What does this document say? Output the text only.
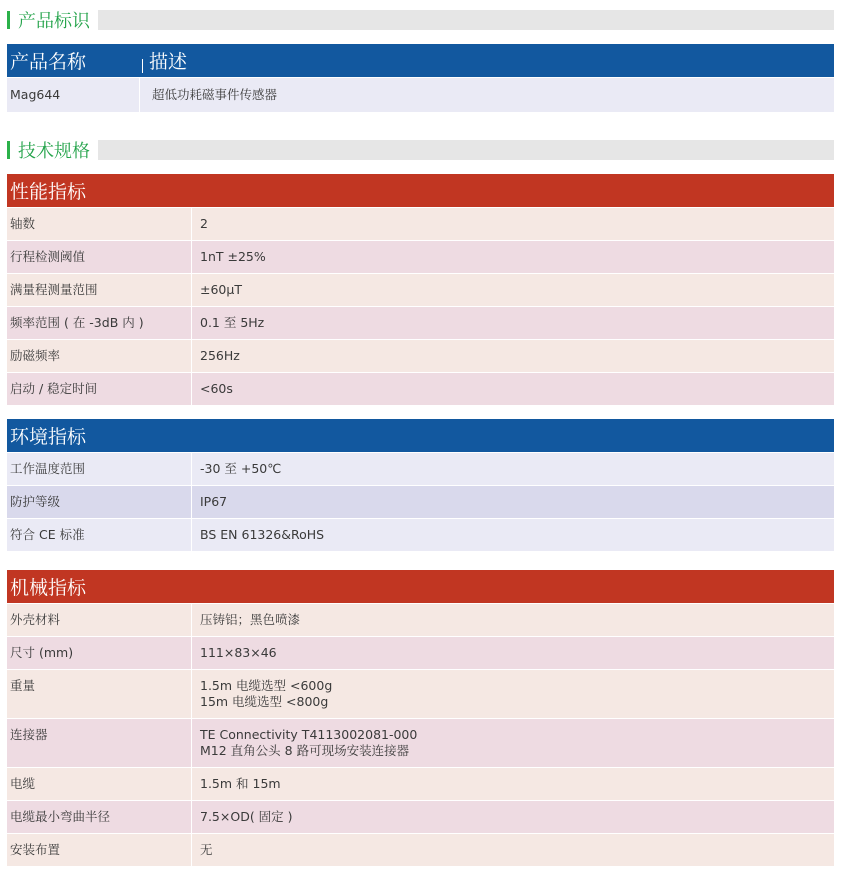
产品标识
产品名称	描述
Mag644	超低功耗磁事件传感器
技术规格
性能指标
轴数	2
行程检测阈值	1nT ±25%
满量程测量范围	±60µT
频率范围 ( 在 -3dB 内 )	0.1 至 5Hz
励磁频率	256Hz
启动 / 稳定时间	<60s
环境指标
工作温度范围	-30 至 +50℃
防护等级	IP67
符合 CE 标准	BS EN 61326&RoHS
机械指标
外壳材料	压铸铝；黑色喷漆
尺寸 (mm)	111×83×46
重量	1.5m 电缆选型 <600g
15m 电缆选型 <800g
连接器	TE Connectivity T4113002081-000
M12 直角公头 8 路可现场安装连接器
电缆	1.5m 和 15m
电缆最小弯曲半径	7.5×OD( 固定 )
安装布置	无
